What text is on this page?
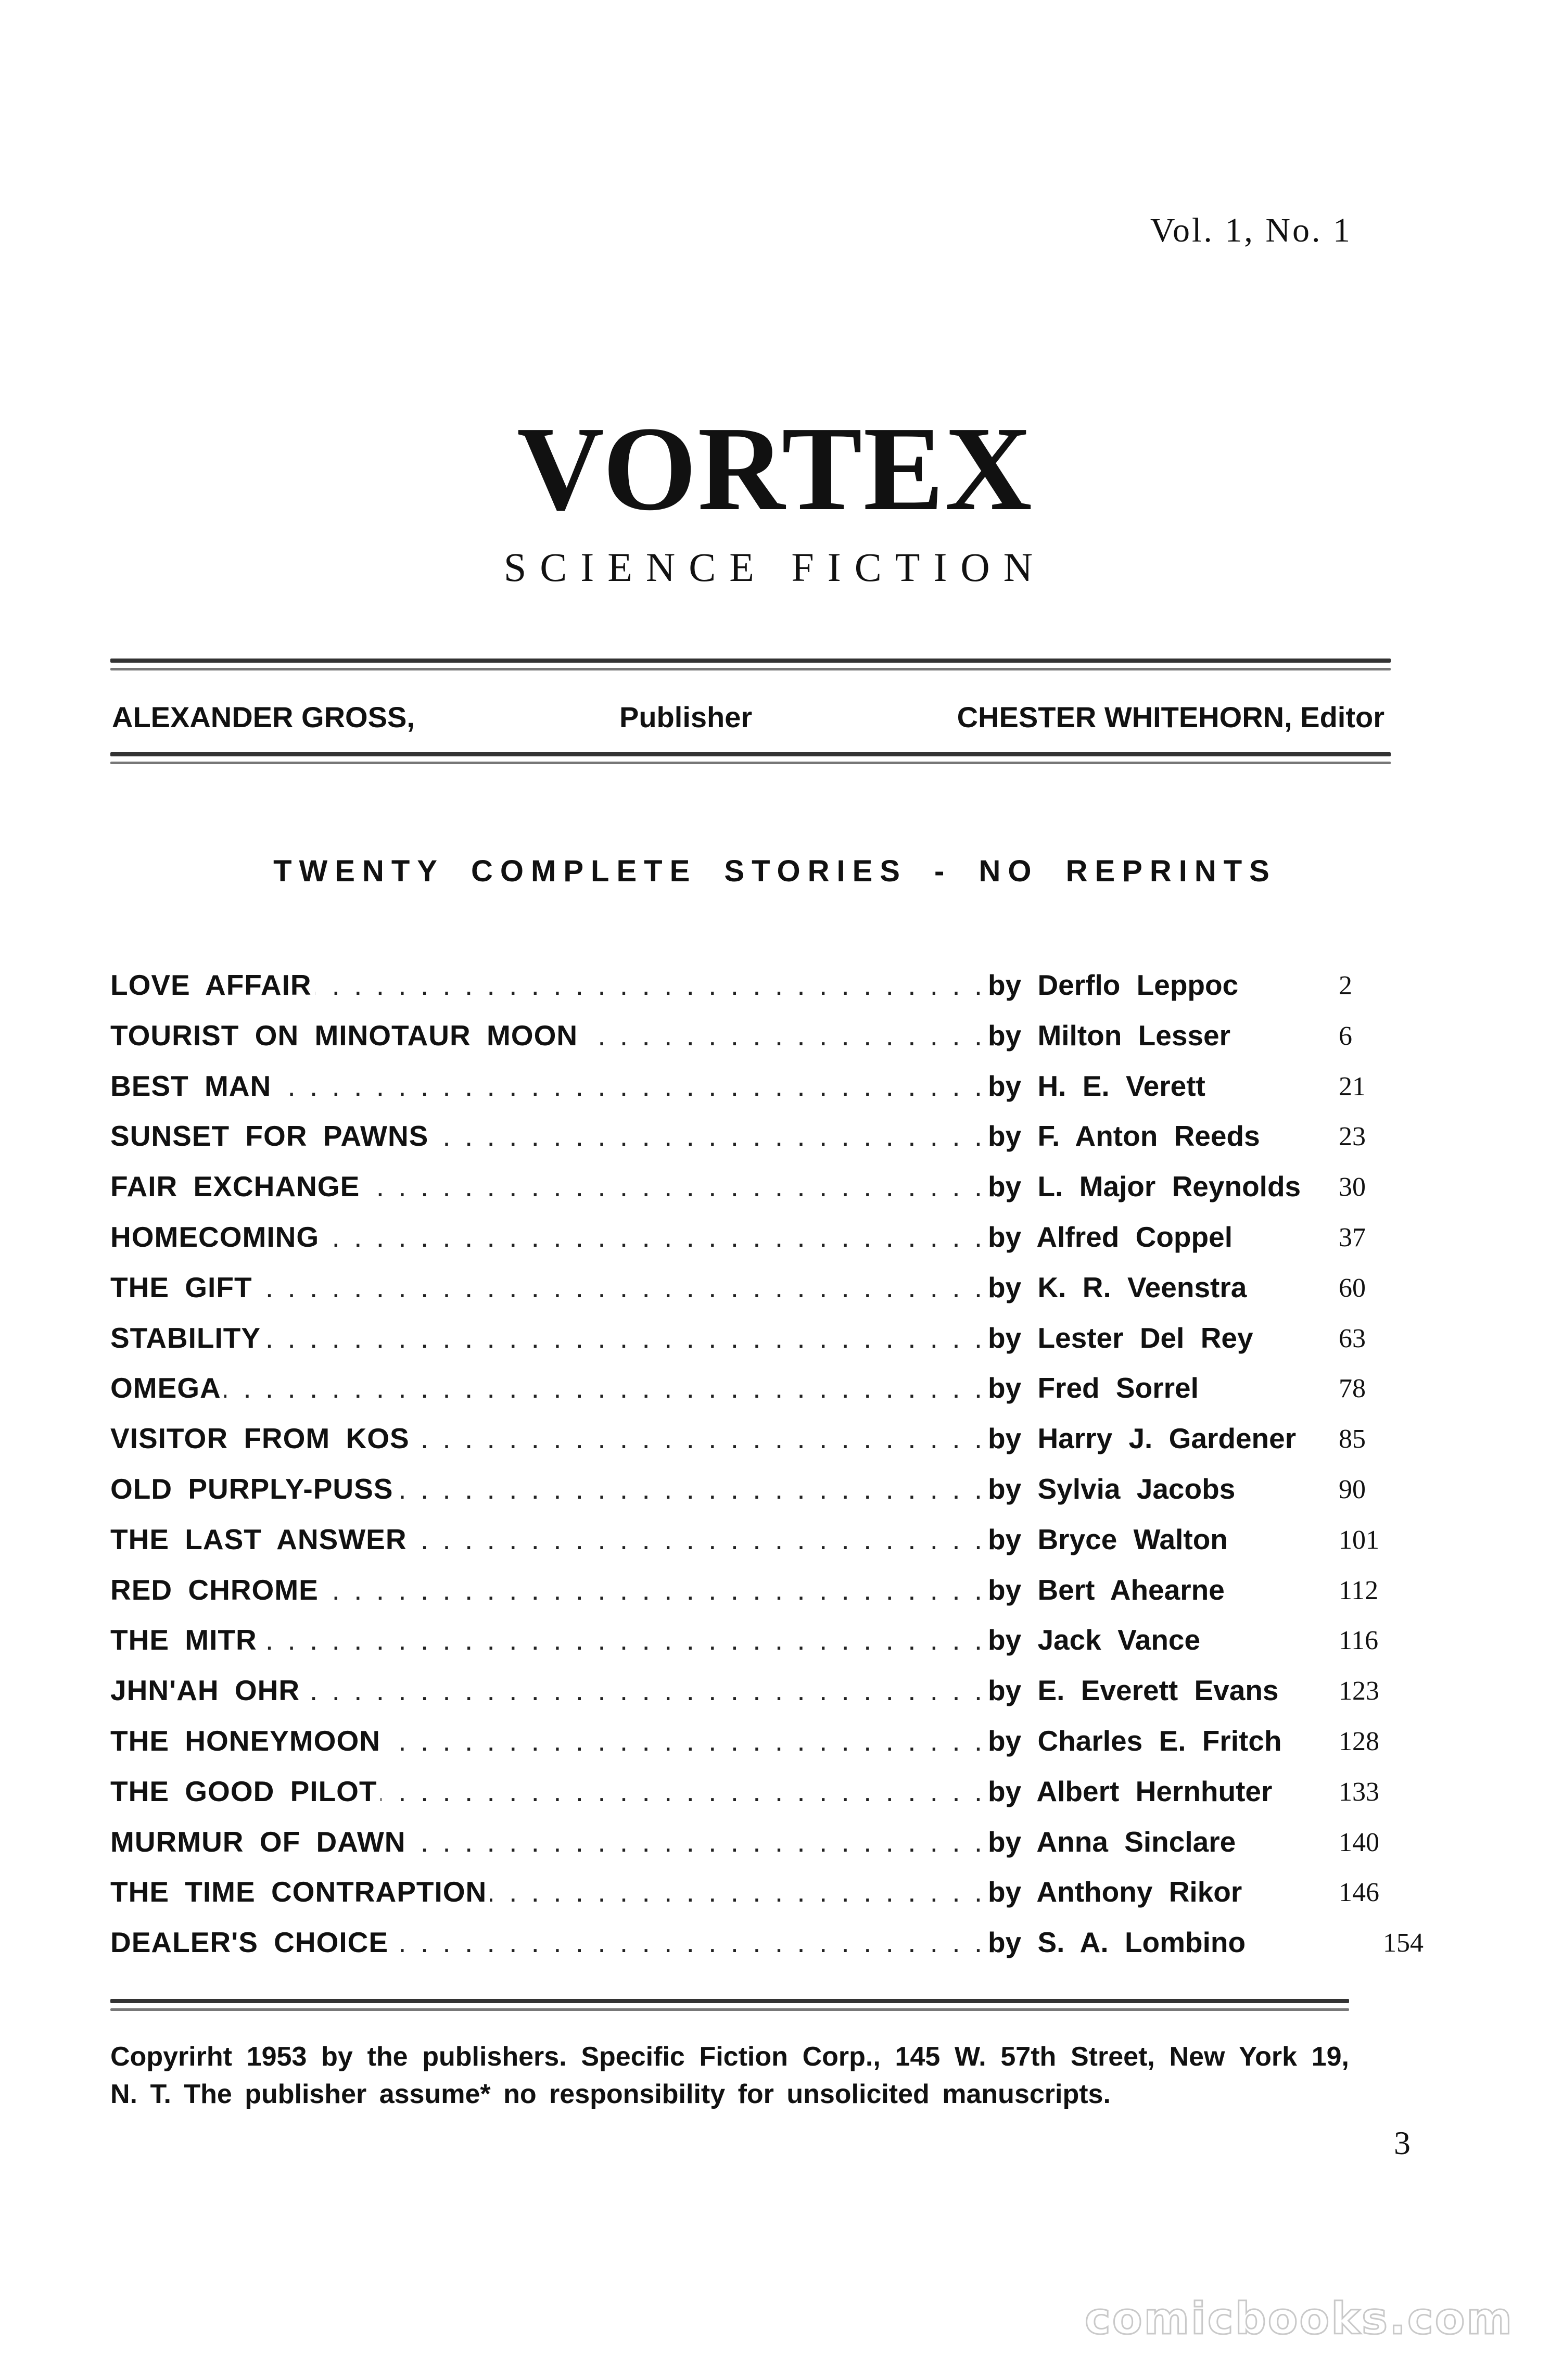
Vol. 1, No. 1
VORTEX
SCIENCE FICTION
ALEXANDER GROSS,	Publisher	CHESTER WHITEHORN, Editor
TWENTY COMPLETE STORIES - NO REPRINTS
. . .
LOVE AFFAIR	by Derflo Leppoc	2
. . .
TOURIST ON MINOTAUR MOON	by Milton Lesser	6
. . .
BEST MAN	by H. E. Verett	21
. . .
SUNSET FOR PAWNS	by F. Anton Reeds	23
. . .
FAIR EXCHANGE	by L. Major Reynolds 30
. . .
HOMECOMING	by Alfred Coppel	37
. . .
THE GIFT	by K. R. Veenstra	60
. . .
STABILITY	by Lester Del Rey	63
. . .
OMEGA	by Fred Sorrel	78
. . .
VISITOR FROM KOS	by Harry J. Gardener 85
. . .
OLD PURPLY-PUSS	by Sylvia Jacobs	90
. . .
THE LAST ANSWER	by Bryce Walton	101
. . .
RED CHROME	by Bert Ahearne	112
. . .
THE MITR	by Jack Vance	116
. . .
JHN'AH OHR	by E. Everett Evans 123
. . .
THE HONEYMOON	by Charles E. Fritch 128
. . .
THE GOOD PILOT	by Albert Hernhuter 133
. . .
MURMUR OF DAWN	by Anna Sinclare	140
. . .
THE TIME CONTRAPTION	by Anthony Rikor	146
. . .
DEALER'S CHOICE	by S. A. Lombino	154
Copyrirht 1953 by the publishers. Specific Fiction Corp., 145 W. 57th Street, New York 19, N. T. The publisher assume* no responsibility for unsolicited manuscripts.
3
comicbooks.com
